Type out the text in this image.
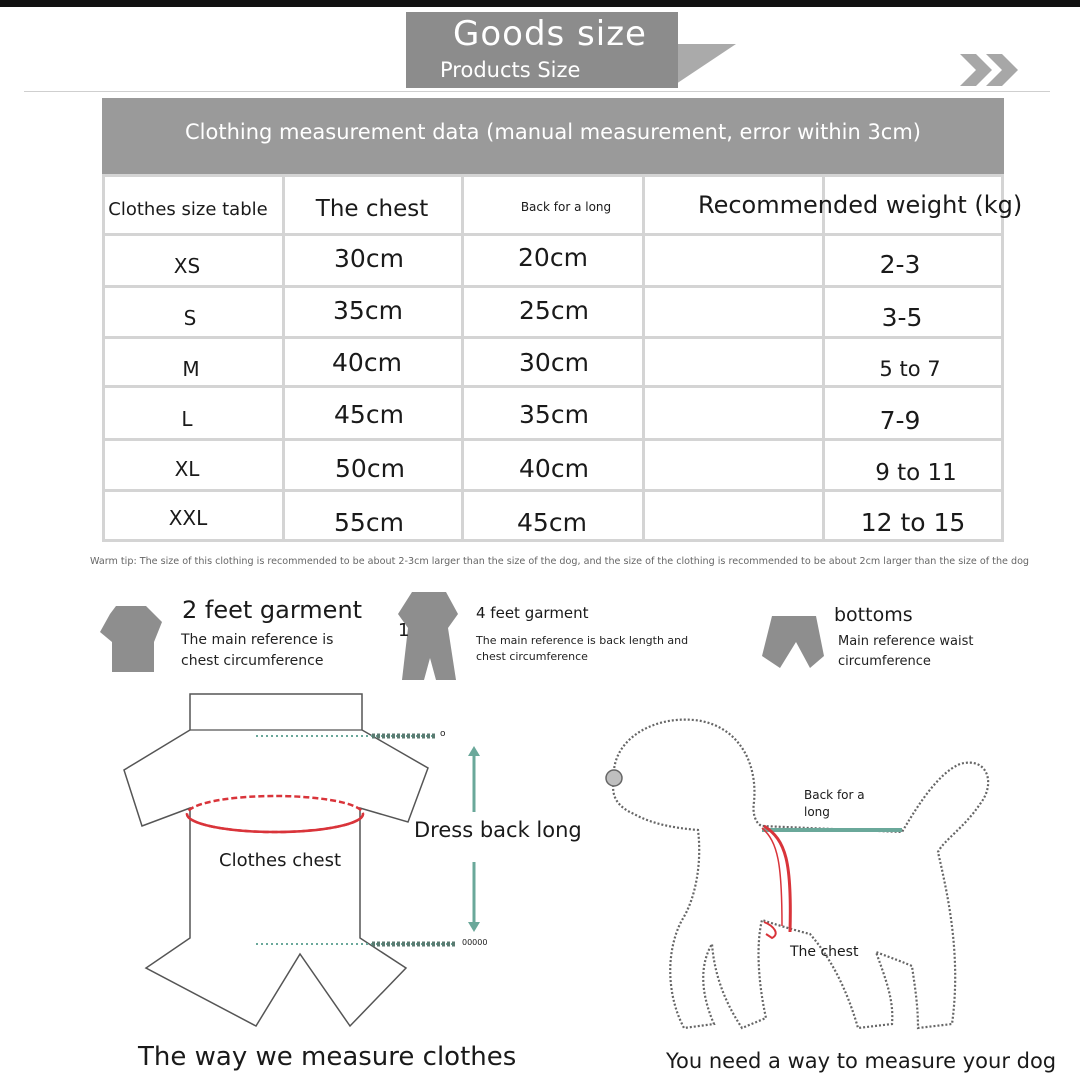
Goods size
Products Size
Clothing measurement data (manual measurement, error within 3cm)
Clothes size table	The chest	Back for a long	Recommended weight (kg)
XS	30cm	20cm	2-3
S	35cm	25cm	3-5
M	40cm	30cm	5 to 7
L	45cm	35cm	7-9
XL	50cm	40cm	9 to 11
XXL	55cm	45cm	12 to 15
Warm tip: The size of this clothing is recommended to be about 2-3cm larger than the size of the dog, and the size of the clothing is recommended to be about 2cm larger than the size of the dog
2 feet garment
The main reference is chest circumference
1
4 feet garment
The main reference is back length and chest circumference
bottoms
Main reference waist circumference
o
00000
Dress back long
Clothes chest
The way we measure clothes
Back for a long
The chest
You need a way to measure your dog
